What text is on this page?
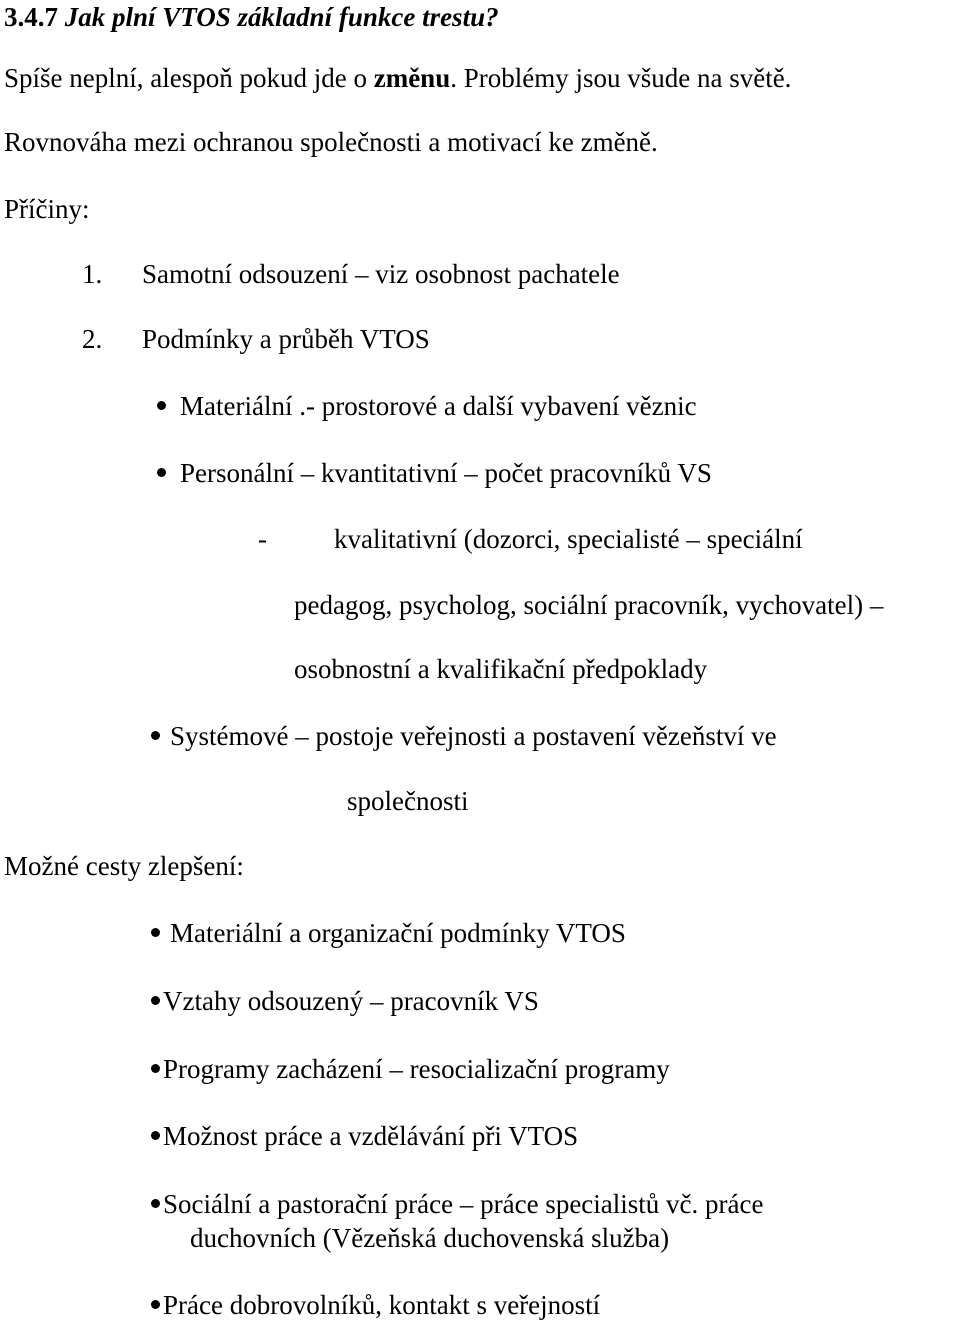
3.4.7 Jak plní VTOS základní funkce trestu?
Spíše neplní, alespoň pokud jde o změnu. Problémy jsou všude na světě.
Rovnováha mezi ochranou společnosti a motivací ke změně.
Příčiny:
1. Samotní odsouzení – viz osobnost pachatele
2. Podmínky a průběh VTOS
Materiální .- prostorové a další vybavení věznic
Personální – kvantitativní – počet pracovníků VS
- kvalitativní (dozorci, specialisté – speciální
pedagog, psycholog, sociální pracovník, vychovatel) –
osobnostní a kvalifikační předpoklady
Systémové – postoje veřejnosti a postavení vězeňství ve
společnosti
Možné cesty zlepšení:
Materiální a organizační podmínky VTOS
Vztahy odsouzený – pracovník VS
Programy zacházení – resocializační programy
Možnost práce a vzdělávání při VTOS
Sociální a pastorační práce – práce specialistů vč. práce
duchovních (Vězeňská duchovenská služba)
Práce dobrovolníků, kontakt s veřejností
